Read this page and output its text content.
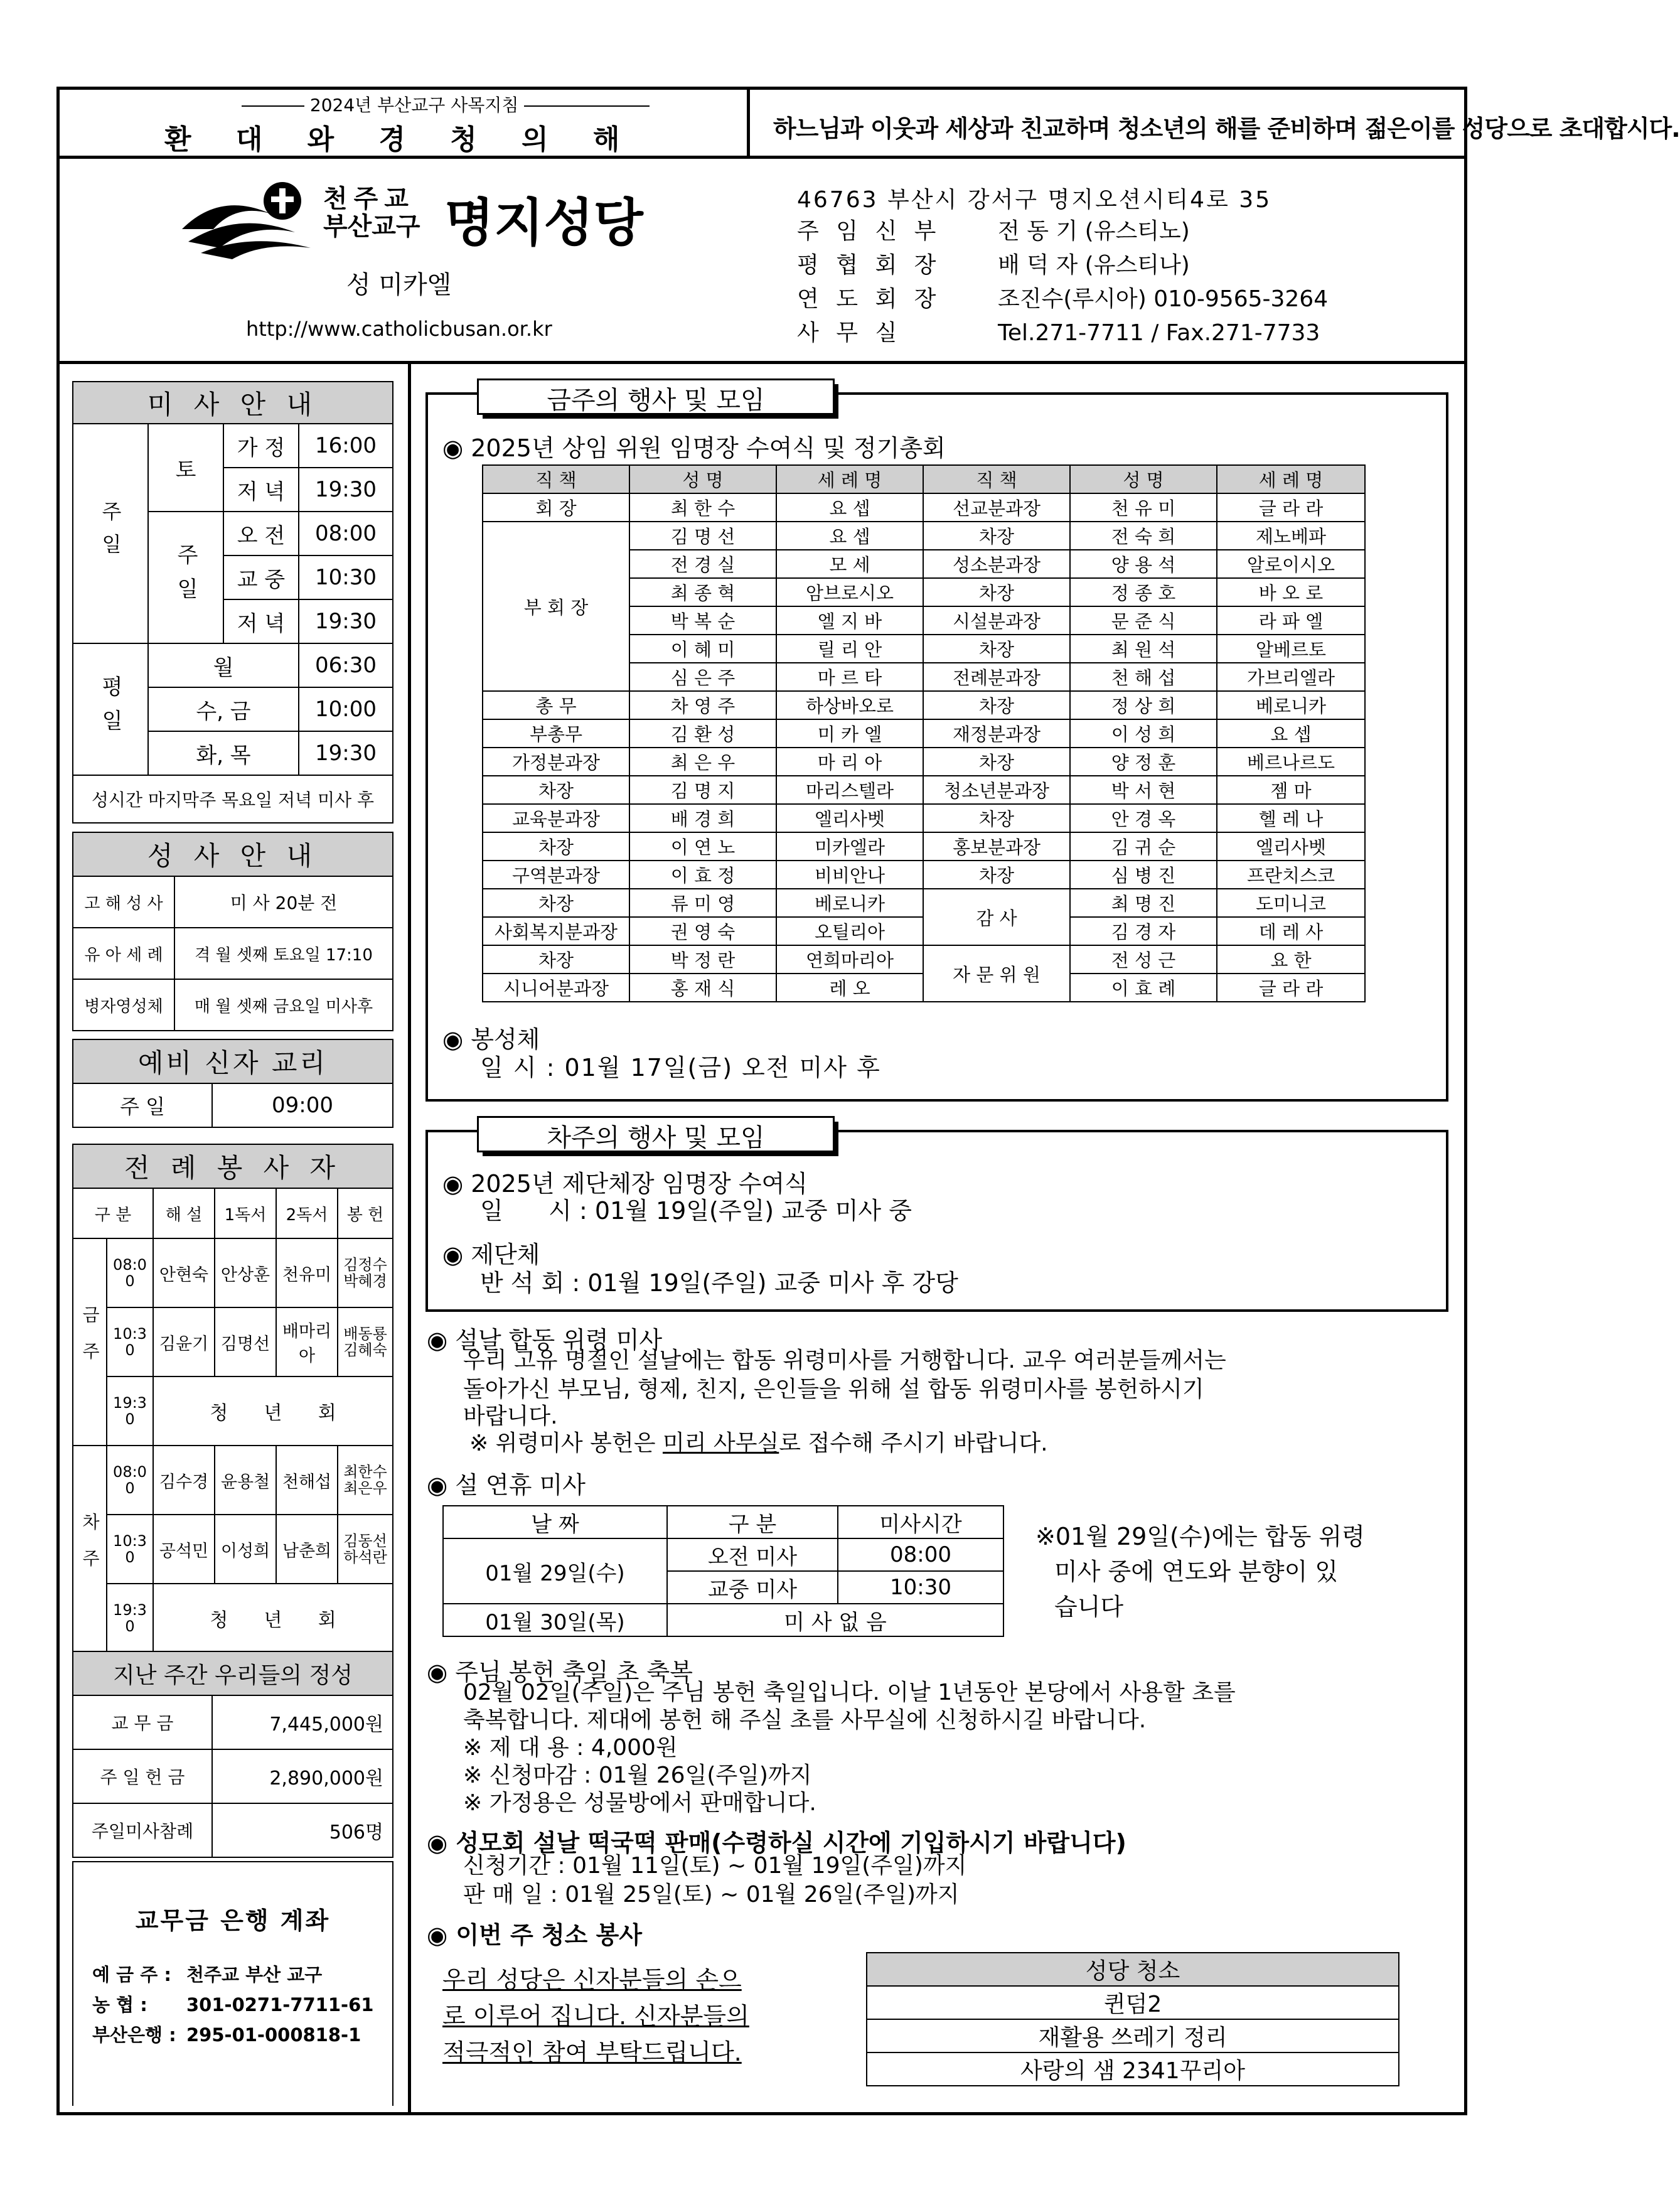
2024년 부산교구 사목지침
환 대 와 경 청 의 해	하느님과 이웃과 세상과 친교하며 청소년의 해를 준비하며 젊은이를 성당으로 초대합시다.
천주교
부산교구 명지성당
성 미카엘
http://www.catholicbusan.or.kr
46763 부산시 강서구 명지오션시티4로 35
주 임 신 부	전 동 기 (유스티노)
평 협 회 장	배 덕 자 (유스티나)
연 도 회 장	조진수(루시아) 010-9565-3264
사 무 실	Tel.271-7711 / Fax.271-7733
미 사 안 내			
주일	토	가 정	16:00
		저 녁	19:30
	주일	오 전	08:00
		교 중	10:30
		저 녁	19:30
평일	월		06:30
	수, 금		10:00
	화, 목		19:30
성시간 마지막주 목요일 저녁 미사 후			
성 사 안 내	
고 해 성 사	미 사 20분 전
유 아 세 례	격 월 셋째 토요일 17:10
병자영성체	매 월 셋째 금요일 미사후
예비 신자 교리
주 일	09:00
전 례 봉 사 자					
구 분		해 설	1독서	2독서	봉 헌
금주	08:00	안현숙	안상훈	천유미	김정수 박혜경
	10:30	김윤기	김명선	배마리아	배동룡 김혜숙
	19:30	청      년      회			
차주	08:00	김수경	윤용철	천해섭	최한수 최은우
	10:30	공석민	이성희	남춘희	김동선 하석란
	19:30	청      년      회			
지난 주간 우리들의 정성	
교 무 금	7,445,000원
주 일 헌 금	2,890,000원
주일미사참례	506명
교무금 은행 계좌
예 금 주 : 천주교 부산 교구
농 협 : 301-0271-7711-61
부산은행 : 295-01-000818-1
금주의 행사 및 모임
◉ 2025년 상임 위원 임명장 수여식 및 정기총회
직 책	성 명	세 례 명	직 책	성 명	세 례 명
회 장	최 한 수	요 셉	선교분과장	천 유 미	글 라 라
부 회 장	김 명 선	요 셉	차장	전 숙 희	제노베파
	전 경 실	모 세	성소분과장	양 용 석	알로이시오
	최 종 혁	암브로시오	차장	정 종 호	바 오 로
	박 복 순	엘 지 바	시설분과장	문 준 식	라 파 엘
	이 혜 미	릴 리 안	차장	최 원 석	알베르토
	심 은 주	마 르 타	전례분과장	천 해 섭	가브리엘라
총 무	차 영 주	하상바오로	차장	정 상 희	베로니카
부총무	김 환 성	미 카 엘	재정분과장	이 성 희	요 셉
가정분과장	최 은 우	마 리 아	차장	양 정 훈	베르나르도
차장	김 명 지	마리스텔라	청소년분과장	박 서 현	젬 마
교육분과장	배 경 희	엘리사벳	차장	안 경 옥	헬 레 나
차장	이 연 노	미카엘라	홍보분과장	김 귀 순	엘리사벳
구역분과장	이 효 정	비비안나	차장	심 병 진	프란치스코
차장	류 미 영	베로니카	감 사	최 명 진	도미니코
사회복지분과장	권 영 숙	오틸리아		김 경 자	데 레 사
차장	박 정 란	연희마리아	자 문 위 원	전 성 근	요 한
시니어분과장	홍 재 식	레 오		이 효 례	글 라 라
◉ 봉성체
일 시 : 01월 17일(금) 오전 미사 후
차주의 행사 및 모임
◉ 2025년 제단체장 임명장 수여식
일      시 : 01월 19일(주일) 교중 미사 중
◉ 제단체
반 석 회 : 01월 19일(주일) 교중 미사 후 강당
◉ 설날 합동 위령 미사
우리 고유 명절인 설날에는 합동 위령미사를 거행합니다. 교우 여러분들께서는
돌아가신 부모님, 형제, 친지, 은인들을 위해 설 합동 위령미사를 봉헌하시기
바랍니다.
※ 위령미사 봉헌은 미리 사무실로 접수해 주시기 바랍니다.
◉ 설 연휴 미사
날 짜	구 분	미사시간
01월 29일(수)	오전 미사	08:00
	교중 미사	10:30
01월 30일(목)	미 사 없 음	
※01월 29일(수)에는 합동 위령
미사 중에 연도와 분향이 있
습니다
◉ 주님 봉헌 축일 초 축복
02월 02일(주일)은 주님 봉헌 축일입니다. 이날 1년동안 본당에서 사용할 초를
축복합니다. 제대에 봉헌 해 주실 초를 사무실에 신청하시길 바랍니다.
※ 제 대 용 : 4,000원
※ 신청마감 : 01월 26일(주일)까지
※ 가정용은 성물방에서 판매합니다.
◉ 성모회 설날 떡국떡 판매(수령하실 시간에 기입하시기 바랍니다)
신청기간 : 01월 11일(토) ~ 01월 19일(주일)까지
판 매 일 : 01월 25일(토) ~ 01월 26일(주일)까지
◉ 이번 주 청소 봉사
우리 성당은 신자분들의 손으
로 이루어 집니다. 신자분들의
적극적인 참여 부탁드립니다.
성당 청소
퀸덤2
재활용 쓰레기 정리
사랑의 샘 2341꾸리아
